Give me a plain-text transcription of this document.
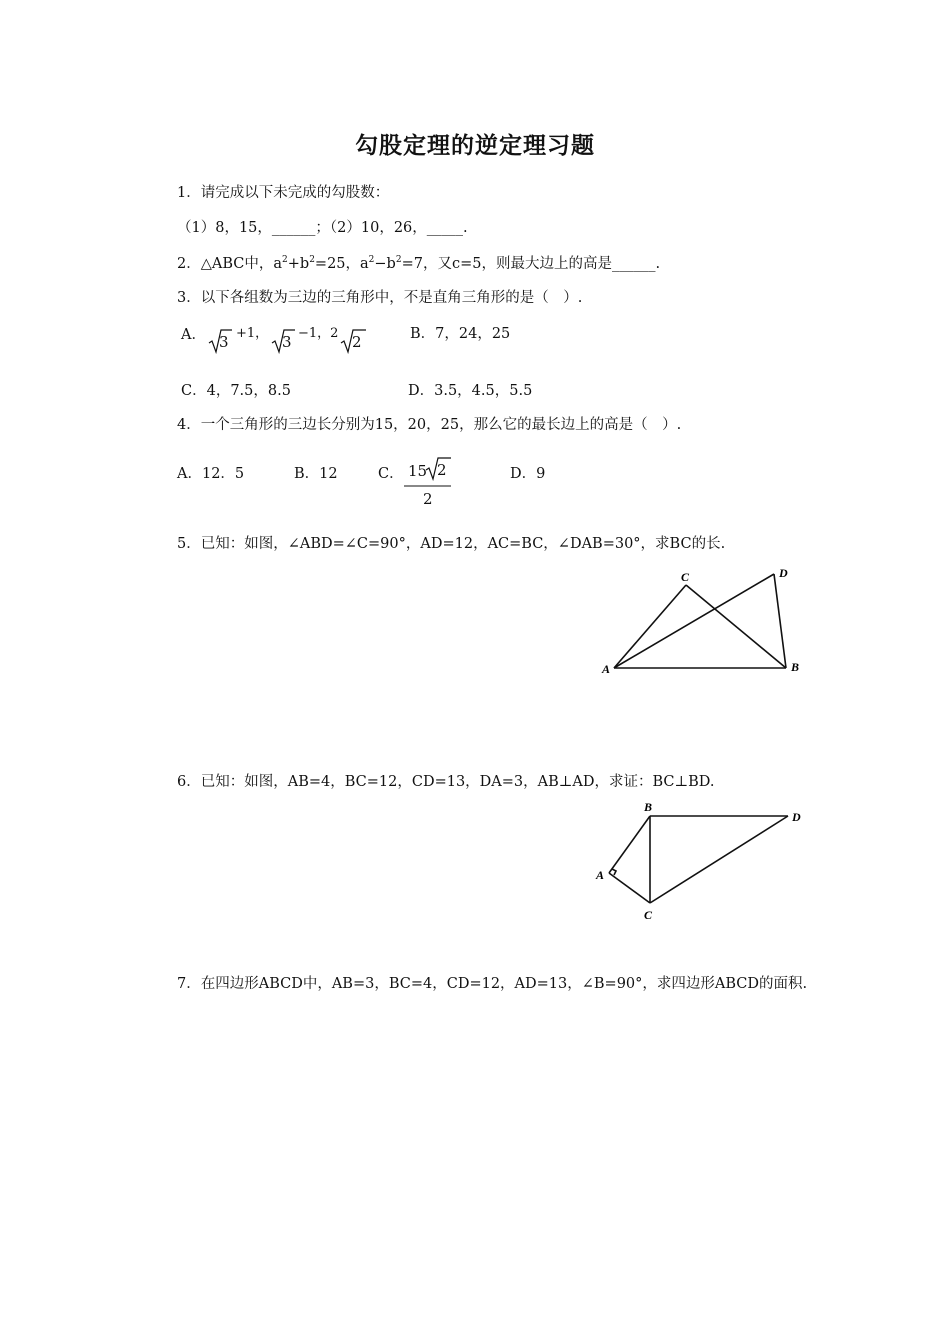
勾股定理的逆定理习题
1．请完成以下未完成的勾股数：
（1）8，15，______；（2）10，26，_____.
2．△ABC中，$a^2+b^2=25$，$a^2-b^2=7$，又c=5，则最大边上的高是______.
3．以下各组数为三边的三角形中，不是直角三角形的是（　）.
A． 3 +1， 3 −1，2 2	B．7，24，25
C．4，7.5，8.5	D．3.5，4.5，5.5
4．一个三角形的三边长分别为15，20，25，那么它的最长边上的高是（　）.
A．12．5	B．12	C． 15 2
2
D．9
5．已知：如图，∠ABD=∠C=90°，AD=12，AC=BC，∠DAB=30°，求BC的长.
A	B
C	D
6．已知：如图，AB=4，BC=12，CD=13，DA=3，AB⊥AD，求证：BC⊥BD.
B
D
A
C
7．在四边形ABCD中，AB=3，BC=4，CD=12，AD=13，∠B=90°，求四边形ABCD的面积.
